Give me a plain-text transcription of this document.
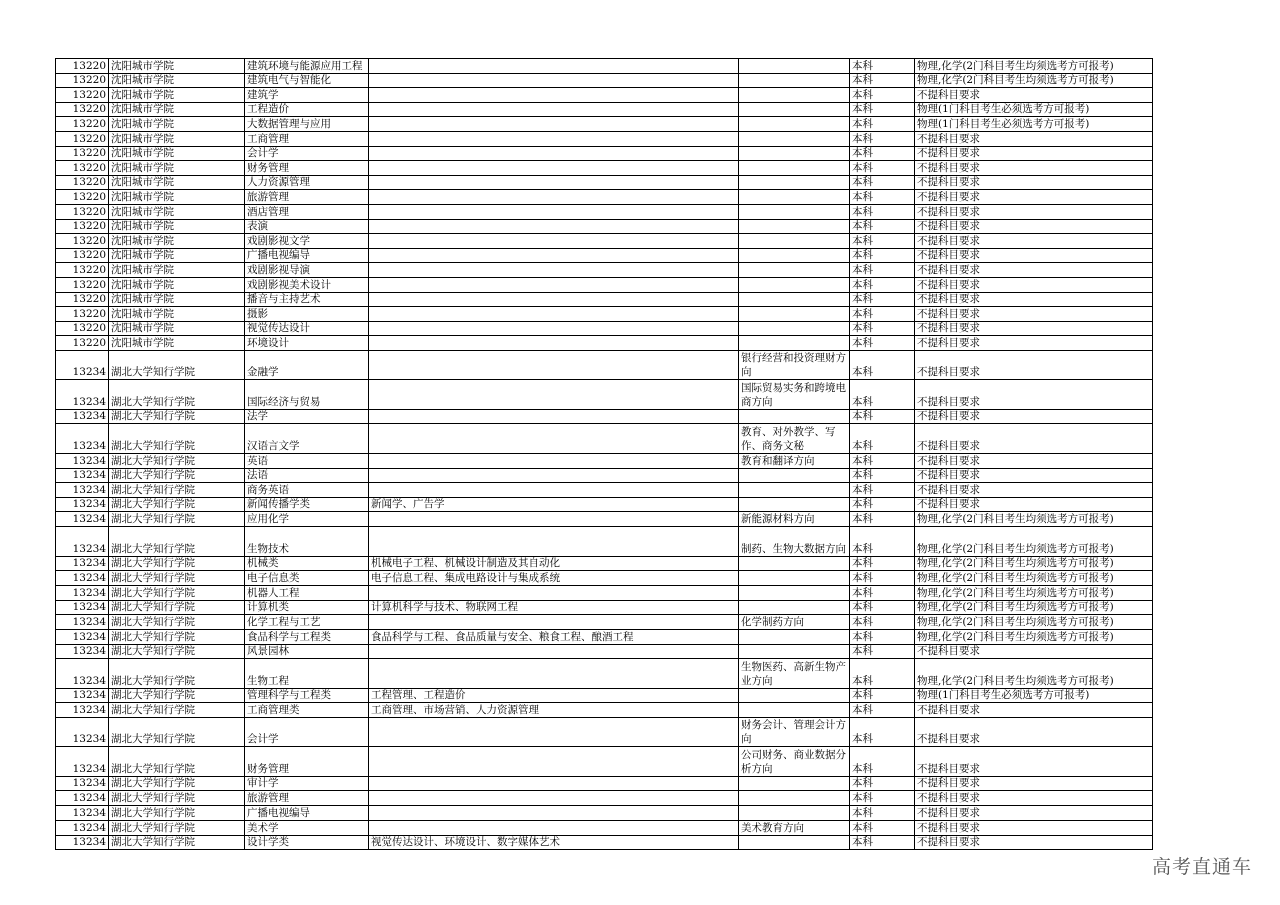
13220	沈阳城市学院	建筑环境与能源应用工程			本科	物理,化学(2门科目考生均须选考方可报考)
13220	沈阳城市学院	建筑电气与智能化			本科	物理,化学(2门科目考生均须选考方可报考)
13220	沈阳城市学院	建筑学			本科	不提科目要求
13220	沈阳城市学院	工程造价			本科	物理(1门科目考生必须选考方可报考)
13220	沈阳城市学院	大数据管理与应用			本科	物理(1门科目考生必须选考方可报考)
13220	沈阳城市学院	工商管理			本科	不提科目要求
13220	沈阳城市学院	会计学			本科	不提科目要求
13220	沈阳城市学院	财务管理			本科	不提科目要求
13220	沈阳城市学院	人力资源管理			本科	不提科目要求
13220	沈阳城市学院	旅游管理			本科	不提科目要求
13220	沈阳城市学院	酒店管理			本科	不提科目要求
13220	沈阳城市学院	表演			本科	不提科目要求
13220	沈阳城市学院	戏剧影视文学			本科	不提科目要求
13220	沈阳城市学院	广播电视编导			本科	不提科目要求
13220	沈阳城市学院	戏剧影视导演			本科	不提科目要求
13220	沈阳城市学院	戏剧影视美术设计			本科	不提科目要求
13220	沈阳城市学院	播音与主持艺术			本科	不提科目要求
13220	沈阳城市学院	摄影			本科	不提科目要求
13220	沈阳城市学院	视觉传达设计			本科	不提科目要求
13220	沈阳城市学院	环境设计			本科	不提科目要求
13234	湖北大学知行学院	金融学		银行经营和投资理财方向	本科	不提科目要求
13234	湖北大学知行学院	国际经济与贸易		国际贸易实务和跨境电商方向	本科	不提科目要求
13234	湖北大学知行学院	法学			本科	不提科目要求
13234	湖北大学知行学院	汉语言文学		教育、对外教学、写作、商务文秘	本科	不提科目要求
13234	湖北大学知行学院	英语		教育和翻译方向	本科	不提科目要求
13234	湖北大学知行学院	法语			本科	不提科目要求
13234	湖北大学知行学院	商务英语			本科	不提科目要求
13234	湖北大学知行学院	新闻传播学类	新闻学、广告学		本科	不提科目要求
13234	湖北大学知行学院	应用化学		新能源材料方向	本科	物理,化学(2门科目考生均须选考方可报考)
13234	湖北大学知行学院	生物技术		制药、生物大数据方向	本科	物理,化学(2门科目考生均须选考方可报考)
13234	湖北大学知行学院	机械类	机械电子工程、机械设计制造及其自动化		本科	物理,化学(2门科目考生均须选考方可报考)
13234	湖北大学知行学院	电子信息类	电子信息工程、集成电路设计与集成系统		本科	物理,化学(2门科目考生均须选考方可报考)
13234	湖北大学知行学院	机器人工程			本科	物理,化学(2门科目考生均须选考方可报考)
13234	湖北大学知行学院	计算机类	计算机科学与技术、物联网工程		本科	物理,化学(2门科目考生均须选考方可报考)
13234	湖北大学知行学院	化学工程与工艺		化学制药方向	本科	物理,化学(2门科目考生均须选考方可报考)
13234	湖北大学知行学院	食品科学与工程类	食品科学与工程、食品质量与安全、粮食工程、酿酒工程		本科	物理,化学(2门科目考生均须选考方可报考)
13234	湖北大学知行学院	风景园林			本科	不提科目要求
13234	湖北大学知行学院	生物工程		生物医药、高新生物产业方向	本科	物理,化学(2门科目考生均须选考方可报考)
13234	湖北大学知行学院	管理科学与工程类	工程管理、工程造价		本科	物理(1门科目考生必须选考方可报考)
13234	湖北大学知行学院	工商管理类	工商管理、市场营销、人力资源管理		本科	不提科目要求
13234	湖北大学知行学院	会计学		财务会计、管理会计方向	本科	不提科目要求
13234	湖北大学知行学院	财务管理		公司财务、商业数据分析方向	本科	不提科目要求
13234	湖北大学知行学院	审计学			本科	不提科目要求
13234	湖北大学知行学院	旅游管理			本科	不提科目要求
13234	湖北大学知行学院	广播电视编导			本科	不提科目要求
13234	湖北大学知行学院	美术学		美术教育方向	本科	不提科目要求
13234	湖北大学知行学院	设计学类	视觉传达设计、环境设计、数字媒体艺术		本科	不提科目要求
高考直通车
